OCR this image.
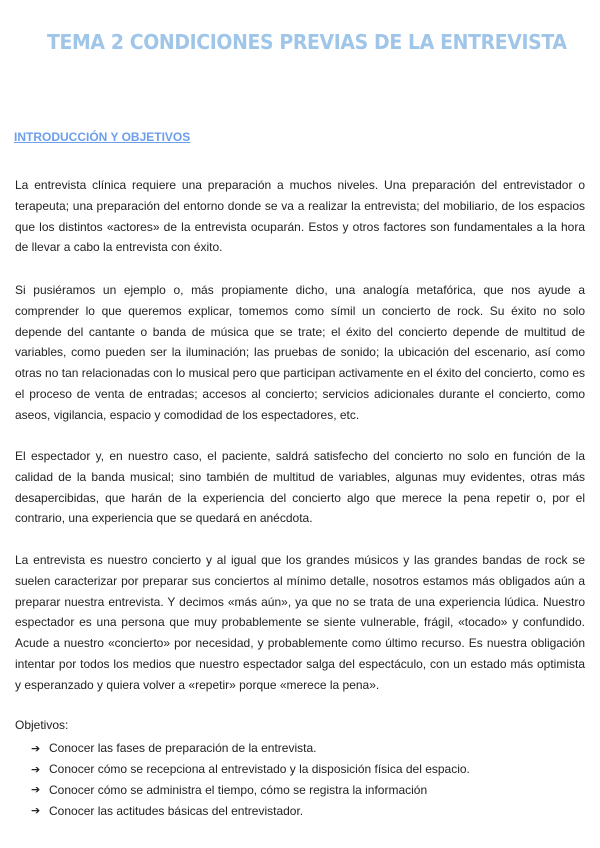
TEMA 2 CONDICIONES PREVIAS DE LA ENTREVISTA
INTRODUCCIÓN Y OBJETIVOS

La entrevista clínica requiere una preparación a muchos niveles. Una preparación del entrevistador o terapeuta; una preparación del entorno donde se va a realizar la entrevista; del mobiliario, de los espacios que los distintos «actores» de la entrevista ocuparán. Estos y otros factores son fundamentales a la hora de llevar a cabo la entrevista con éxito.

Si pusiéramos un ejemplo o, más propiamente dicho, una analogía metafórica, que nos ayude a comprender lo que queremos explicar, tomemos como símil un concierto de rock. Su éxito no solo depende del cantante o banda de música que se trate; el éxito del concierto depende de multitud de variables, como pueden ser la iluminación; las pruebas de sonido; la ubicación del escenario, así como otras no tan relacionadas con lo musical pero que participan activamente en el éxito del concierto, como es el proceso de venta de entradas; accesos al concierto; servicios adicionales durante el concierto, como aseos, vigilancia, espacio y comodidad de los espectadores, etc.

El espectador y, en nuestro caso, el paciente, saldrá satisfecho del concierto no solo en función de la calidad de la banda musical; sino también de multitud de variables, algunas muy evidentes, otras más desapercibidas, que harán de la experiencia del concierto algo que merece la pena repetir o, por el contrario, una experiencia que se quedará en anécdota.

La entrevista es nuestro concierto y al igual que los grandes músicos y las grandes bandas de rock se suelen caracterizar por preparar sus conciertos al mínimo detalle, nosotros estamos más obligados aún a preparar nuestra entrevista. Y decimos «más aún», ya que no se trata de una experiencia lúdica. Nuestro espectador es una persona que muy probablemente se siente vulnerable, frágil, «tocado» y confundido. Acude a nuestro «concierto» por necesidad, y probablemente como último recurso. Es nuestra obligación intentar por todos los medios que nuestro espectador salga del espectáculo, con un estado más optimista y esperanzado y quiera volver a «repetir» porque «merece la pena».

Objetivos:
➔ Conocer las fases de preparación de la entrevista.
➔ Conocer cómo se recepciona al entrevistado y la disposición física del espacio.
➔ Conocer cómo se administra el tiempo, cómo se registra la información
➔ Conocer las actitudes básicas del entrevistador.
